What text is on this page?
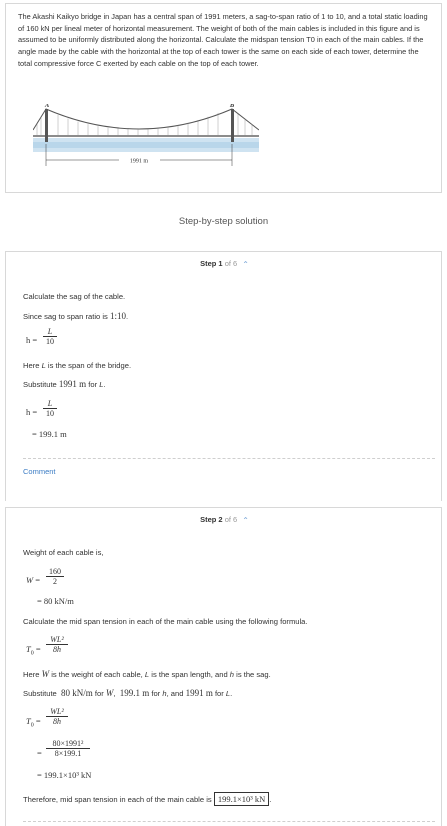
The Akashi Kaikyo bridge in Japan has a central span of 1991 meters, a sag-to-span ratio of 1 to 10, and a total static loading of 160 kN per lineal meter of horizontal measurement. The weight of both of the main cables is included in this figure and is assumed to be uniformly distributed along the horizontal. Calculate the midspan tension T0 in each of the main cables. If the angle made by the cable with the horizontal at the top of each tower is the same on each side of each tower, determine the total compressive force C exerted by each cable on the top of each tower.
A	B
1991 m
Step-by-step solution
Step 1 of 6 ⌃
Calculate the sag of the cable.
Since sag to span ratio is 1:10.
h =
L
10
Here L is the span of the bridge.
Substitute 1991 m for L.
h =
L
10
= 199.1 m
Comment
Step 2 of 6 ⌃
Weight of each cable is,
W =
160
2
= 80 kN/m
Calculate the mid span tension in each of the main cable using the following formula.
$T_0$ =
WL²
8h
Here W is the weight of each cable, L is the span length, and h is the sag.
Substitute 80 kN/m for W,  199.1 m for h, and 1991 m for L.
$T_0$ =
WL²
8h
=
80×1991²
8×199.1
= 199.1×10³ kN
Therefore, mid span tension in each of the main cable is 199.1×10³ kN .
